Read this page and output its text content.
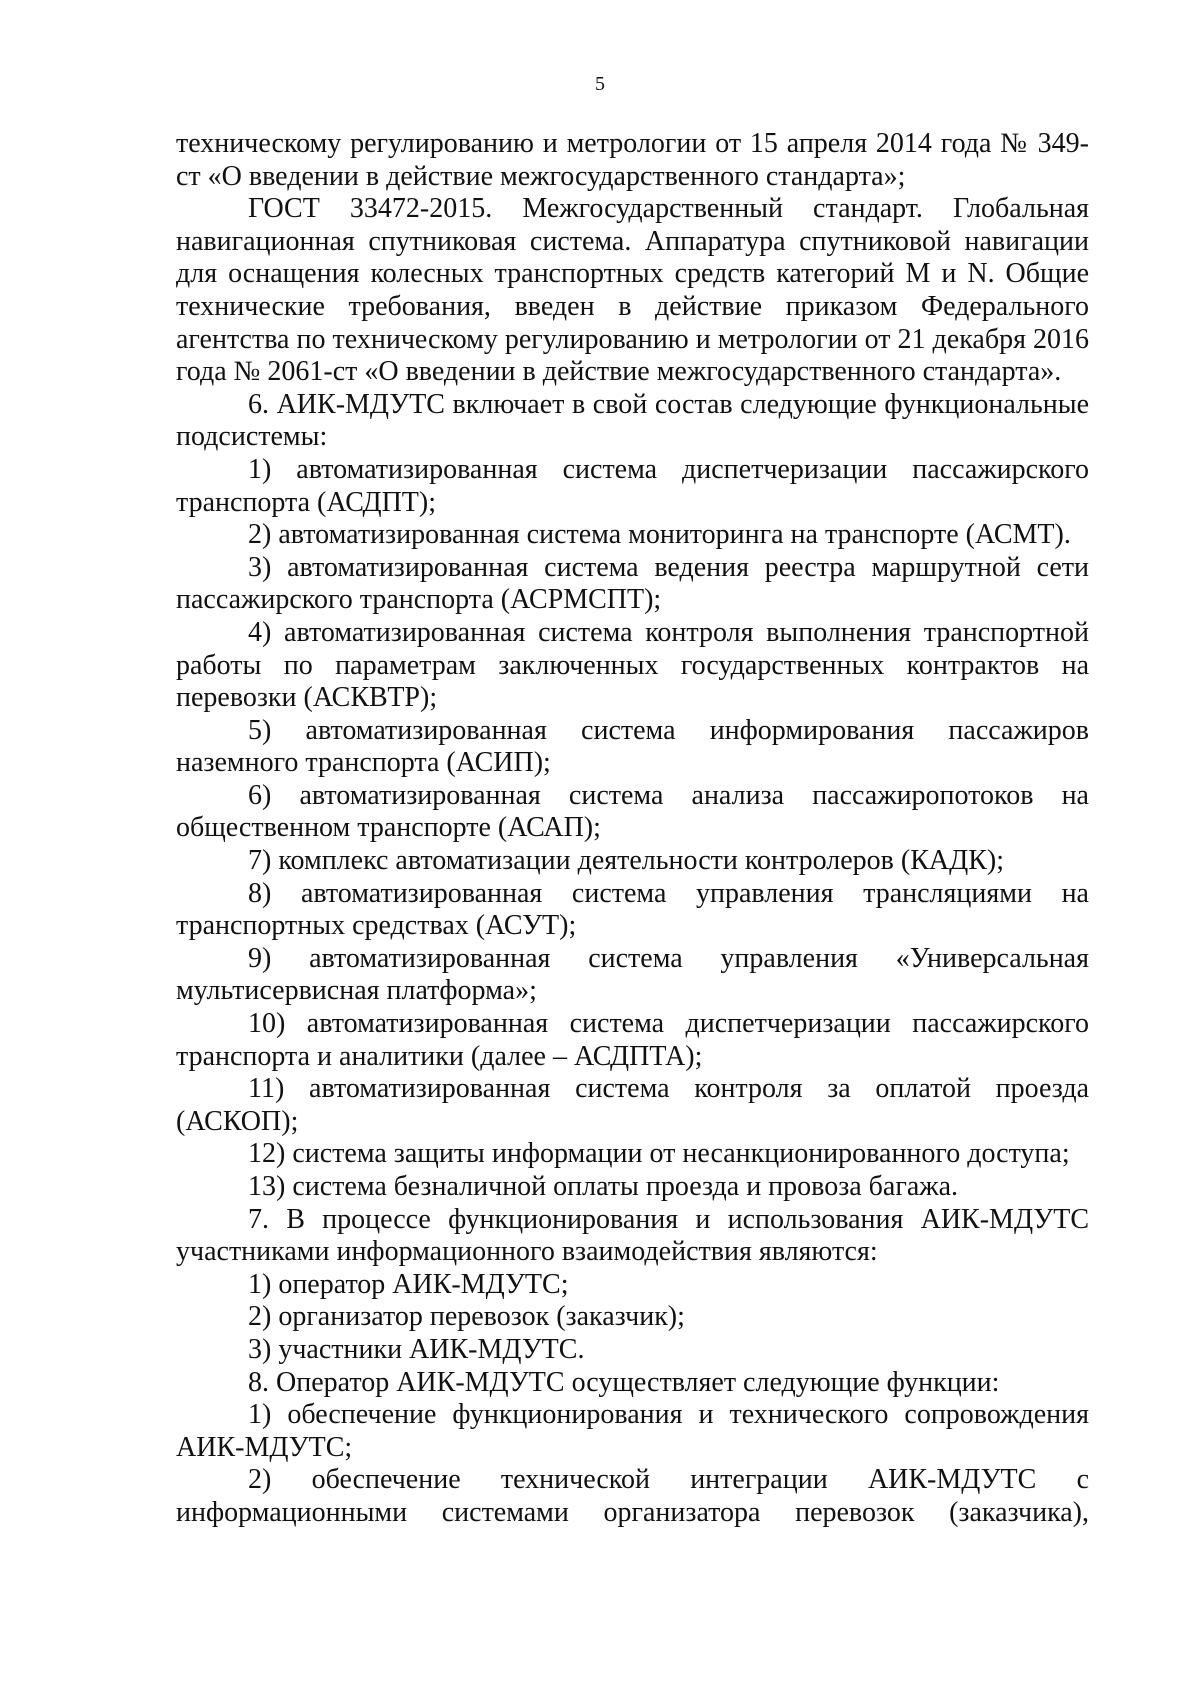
5

техническому регулированию и метрологии от 15 апреля 2014 года № 349-ст «О введении в действие межгосударственного стандарта»;

ГОСТ 33472-2015. Межгосударственный стандарт. Глобальная навигационная спутниковая система. Аппаратура спутниковой навигации для оснащения колесных транспортных средств категорий M и N. Общие технические требования, введен в действие приказом Федерального агентства по техническому регулированию и метрологии от 21 декабря 2016 года № 2061-ст «О введении в действие межгосударственного стандарта».

6. АИК-МДУТС включает в свой состав следующие функциональные подсистемы:

1) автоматизированная система диспетчеризации пассажирского транспорта (АСДПТ);

2) автоматизированная система мониторинга на транспорте (АСМТ).

3) автоматизированная система ведения реестра маршрутной сети пассажирского транспорта (АСРМСПТ);

4) автоматизированная система контроля выполнения транспортной работы по параметрам заключенных государственных контрактов на перевозки (АСКВТР);

5) автоматизированная система информирования пассажиров наземного транспорта (АСИП);

6) автоматизированная система анализа пассажиропотоков на общественном транспорте (АСАП);

7) комплекс автоматизации деятельности контролеров (КАДК);

8) автоматизированная система управления трансляциями на транспортных средствах (АСУТ);

9) автоматизированная система управления «Универсальная мультисервисная платформа»;

10) автоматизированная система диспетчеризации пассажирского транспорта и аналитики (далее – АСДПТА);

11) автоматизированная система контроля за оплатой проезда (АСКОП);

12) система защиты информации от несанкционированного доступа;

13) система безналичной оплаты проезда и провоза багажа.

7. В процессе функционирования и использования АИК-МДУТС участниками информационного взаимодействия являются:

1) оператор АИК-МДУТС;

2) организатор перевозок (заказчик);

3) участники АИК-МДУТС.

8. Оператор АИК-МДУТС осуществляет следующие функции:

1) обеспечение функционирования и технического сопровождения АИК-МДУТС;

2) обеспечение технической интеграции АИК-МДУТС с информационными системами организатора перевозок (заказчика),
